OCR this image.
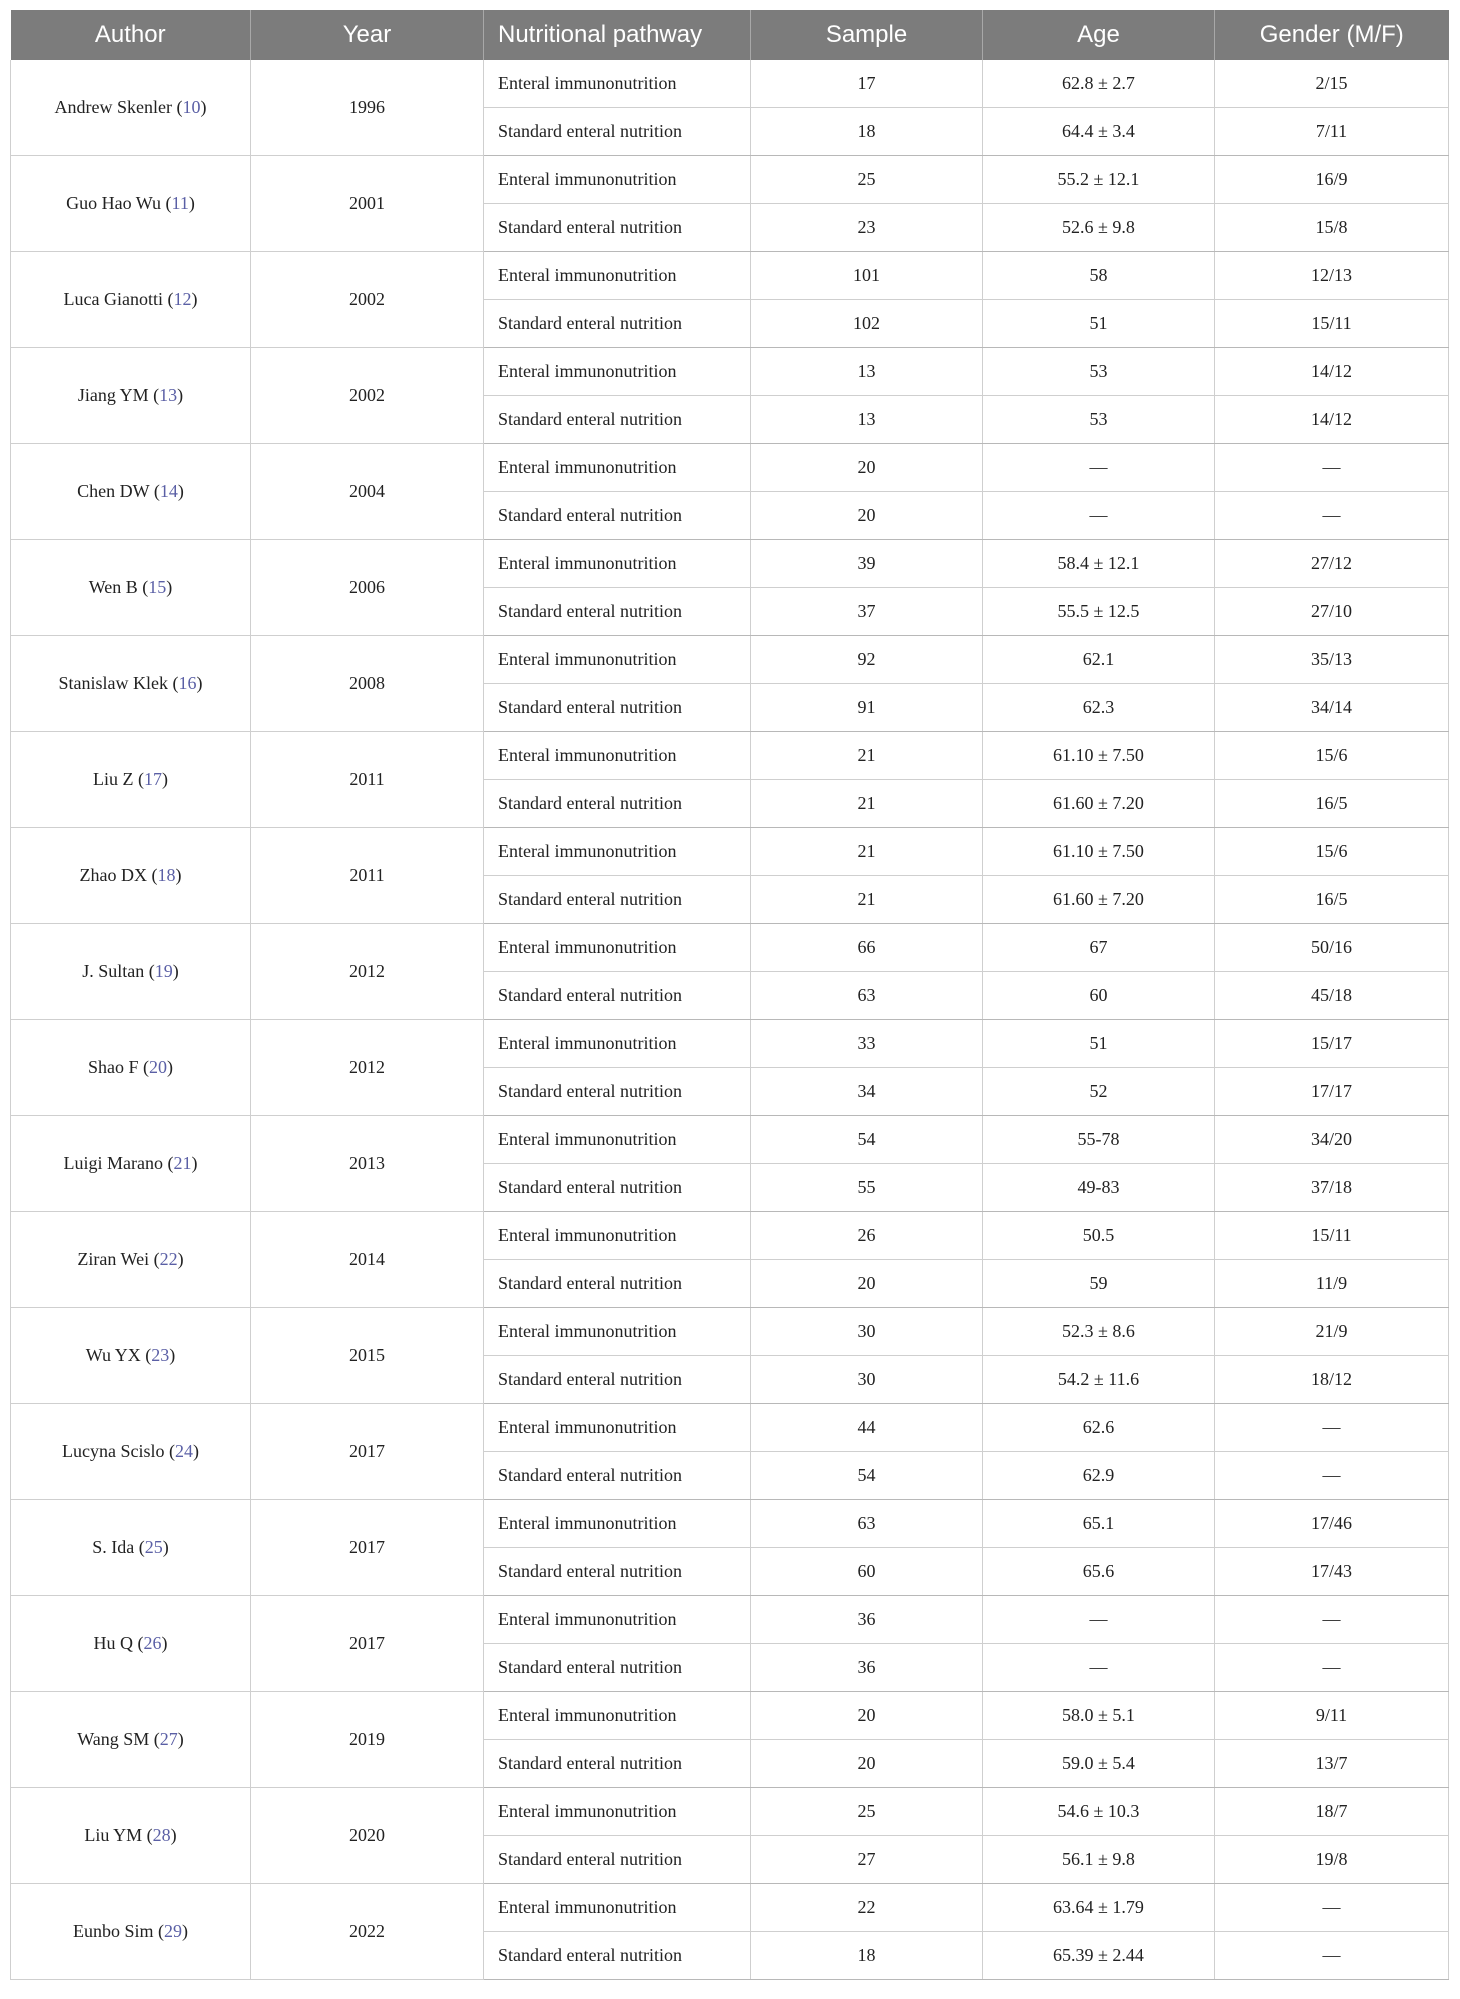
Author	Year	Nutritional pathway	Sample	Age	Gender (M/F)
Andrew Skenler (10)	1996	Enteral immunonutrition	17	62.8 ± 2.7	2/15
		Standard enteral nutrition	18	64.4 ± 3.4	7/11
Guo Hao Wu (11)	2001	Enteral immunonutrition	25	55.2 ± 12.1	16/9
		Standard enteral nutrition	23	52.6 ± 9.8	15/8
Luca Gianotti (12)	2002	Enteral immunonutrition	101	58	12/13
		Standard enteral nutrition	102	51	15/11
Jiang YM (13)	2002	Enteral immunonutrition	13	53	14/12
		Standard enteral nutrition	13	53	14/12
Chen DW (14)	2004	Enteral immunonutrition	20	—	—
		Standard enteral nutrition	20	—	—
Wen B (15)	2006	Enteral immunonutrition	39	58.4 ± 12.1	27/12
		Standard enteral nutrition	37	55.5 ± 12.5	27/10
Stanislaw Klek (16)	2008	Enteral immunonutrition	92	62.1	35/13
		Standard enteral nutrition	91	62.3	34/14
Liu Z (17)	2011	Enteral immunonutrition	21	61.10 ± 7.50	15/6
		Standard enteral nutrition	21	61.60 ± 7.20	16/5
Zhao DX (18)	2011	Enteral immunonutrition	21	61.10 ± 7.50	15/6
		Standard enteral nutrition	21	61.60 ± 7.20	16/5
J. Sultan (19)	2012	Enteral immunonutrition	66	67	50/16
		Standard enteral nutrition	63	60	45/18
Shao F (20)	2012	Enteral immunonutrition	33	51	15/17
		Standard enteral nutrition	34	52	17/17
Luigi Marano (21)	2013	Enteral immunonutrition	54	55-78	34/20
		Standard enteral nutrition	55	49-83	37/18
Ziran Wei (22)	2014	Enteral immunonutrition	26	50.5	15/11
		Standard enteral nutrition	20	59	11/9
Wu YX (23)	2015	Enteral immunonutrition	30	52.3 ± 8.6	21/9
		Standard enteral nutrition	30	54.2 ± 11.6	18/12
Lucyna Scislo (24)	2017	Enteral immunonutrition	44	62.6	—
		Standard enteral nutrition	54	62.9	—
S. Ida (25)	2017	Enteral immunonutrition	63	65.1	17/46
		Standard enteral nutrition	60	65.6	17/43
Hu Q (26)	2017	Enteral immunonutrition	36	—	—
		Standard enteral nutrition	36	—	—
Wang SM (27)	2019	Enteral immunonutrition	20	58.0 ± 5.1	9/11
		Standard enteral nutrition	20	59.0 ± 5.4	13/7
Liu YM (28)	2020	Enteral immunonutrition	25	54.6 ± 10.3	18/7
		Standard enteral nutrition	27	56.1 ± 9.8	19/8
Eunbo Sim (29)	2022	Enteral immunonutrition	22	63.64 ± 1.79	—
		Standard enteral nutrition	18	65.39 ± 2.44	—
